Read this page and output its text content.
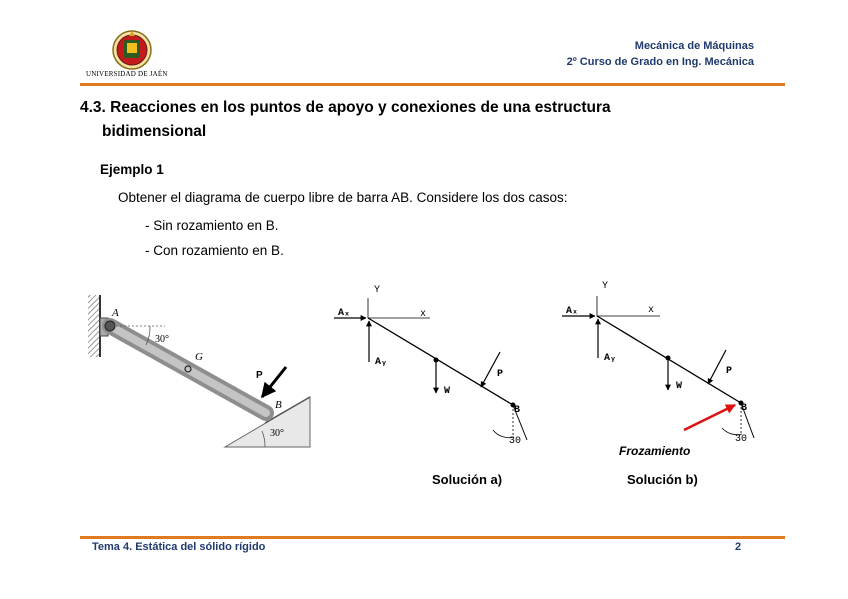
UNIVERSIDAD DE JAÉN
Mecánica de Máquinas
2º Curso de Grado en Ing. Mecánica
4.3. Reacciones en los puntos de apoyo y conexiones de una estructura
bidimensional
Ejemplo 1
Obtener el diagrama de cuerpo libre de barra AB. Considere los dos casos:
- Sin rozamiento en B.
- Con rozamiento en B.
A
G
B
P
30°
30°
Y
x
Aₓ
Aᵧ
W
P
B
30
Y
x
Aₓ
Aᵧ
W
P
B
30
Frozamiento
Solución a)	Solución b)
Tema 4. Estática del sólido rígido	2
